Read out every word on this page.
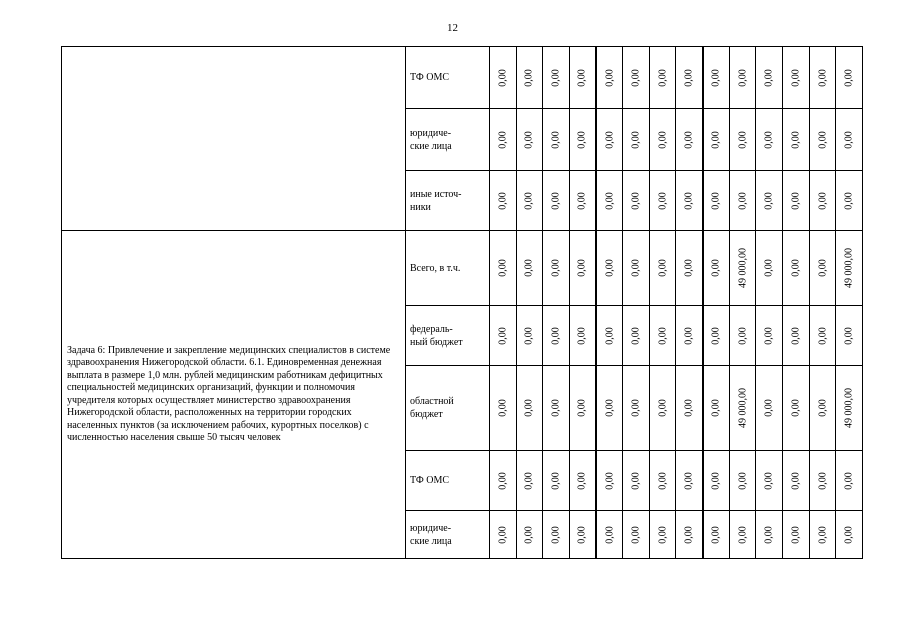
12
	ТФ ОМС	0,00	0,00	0,00	0,00	0,00	0,00	0,00	0,00	0,00	0,00	0,00	0,00	0,00	0,00

	юридиче-
ские лица	0,00	0,00	0,00	0,00	0,00	0,00	0,00	0,00	0,00	0,00	0,00	0,00	0,00	0,00

	иные источ-
ники	0,00	0,00	0,00	0,00	0,00	0,00	0,00	0,00	0,00	0,00	0,00	0,00	0,00	0,00

Задача 6: Привлечение и закрепление медицинских специалистов в системе здравоохранения Нижегородской области. 6.1. Единовременная денежная выплата в размере 1,0 млн. рублей медицинским работникам дефицитных специальностей медицинских организаций, функции и полномочия учредителя которых осуществляет министерство здравоохранения Нижегородской области, расположенных на территории городских населенных пунктов (за исключением рабочих, курортных поселков) с численностью населения свыше 50 тысяч человек	Всего, в т.ч.	0,00	0,00	0,00	0,00	0,00	0,00	0,00	0,00	0,00	49 000,00	0,00	0,00	0,00	49 000,00

	федераль-
ный бюджет	0,00	0,00	0,00	0,00	0,00	0,00	0,00	0,00	0,00	0,00	0,00	0,00	0,00	0,00

	областной
бюджет	0,00	0,00	0,00	0,00	0,00	0,00	0,00	0,00	0,00	49 000,00	0,00	0,00	0,00	49 000,00

	ТФ ОМС	0,00	0,00	0,00	0,00	0,00	0,00	0,00	0,00	0,00	0,00	0,00	0,00	0,00	0,00

	юридиче-
ские лица	0,00	0,00	0,00	0,00	0,00	0,00	0,00	0,00	0,00	0,00	0,00	0,00	0,00	0,00
